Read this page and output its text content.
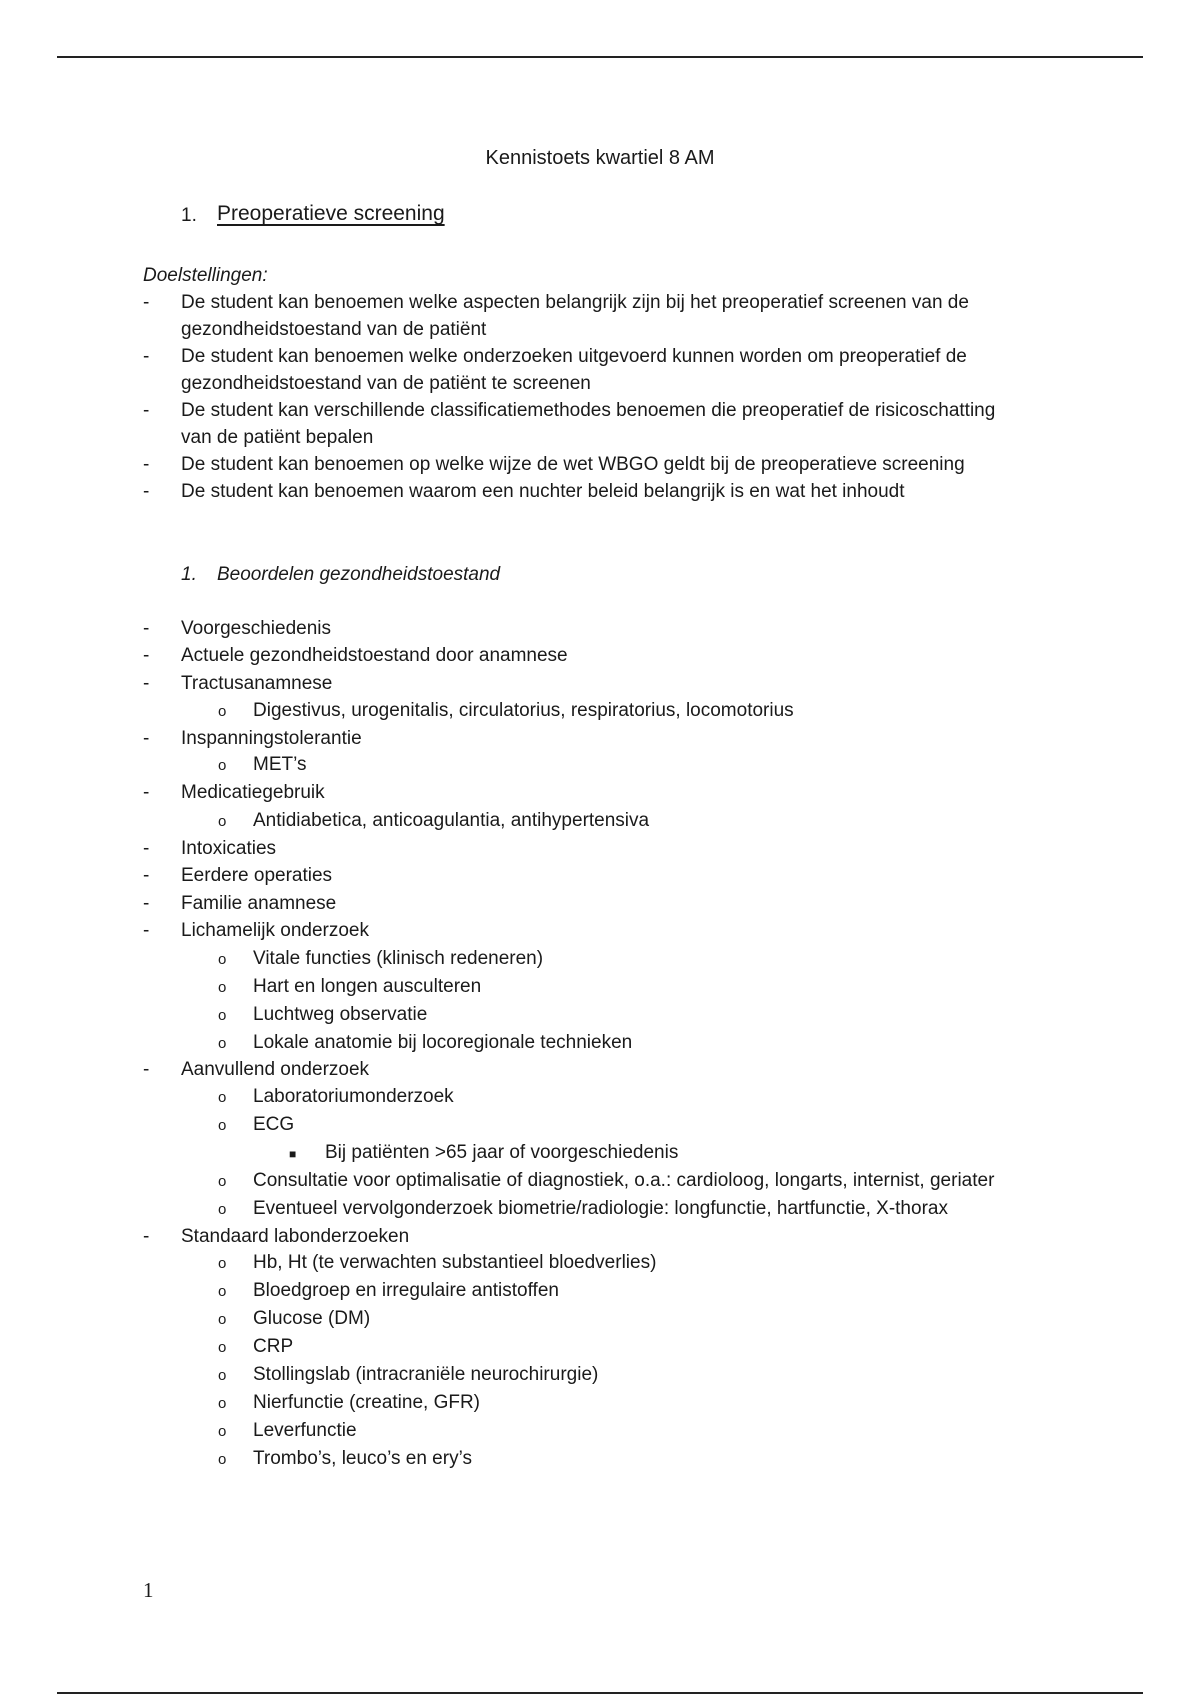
Kennistoets kwartiel 8 AM
1. Preoperatieve screening
Doelstellingen:
- De student kan benoemen welke aspecten belangrijk zijn bij het preoperatief screenen van de
gezondheidstoestand van de patiënt
- De student kan benoemen welke onderzoeken uitgevoerd kunnen worden om preoperatief de
gezondheidstoestand van de patiënt te screenen
- De student kan verschillende classificatiemethodes benoemen die preoperatief de risicoschatting
van de patiënt bepalen
- De student kan benoemen op welke wijze de wet WBGO geldt bij de preoperatieve screening
- De student kan benoemen waarom een nuchter beleid belangrijk is en wat het inhoudt
1. Beoordelen gezondheidstoestand
- Voorgeschiedenis
- Actuele gezondheidstoestand door anamnese
- Tractusanamnese
o Digestivus, urogenitalis, circulatorius, respiratorius, locomotorius
- Inspanningstolerantie
o MET’s
- Medicatiegebruik
o Antidiabetica, anticoagulantia, antihypertensiva
- Intoxicaties
- Eerdere operaties
- Familie anamnese
- Lichamelijk onderzoek
o Vitale functies (klinisch redeneren)
o Hart en longen ausculteren
o Luchtweg observatie
o Lokale anatomie bij locoregionale technieken
- Aanvullend onderzoek
o Laboratoriumonderzoek
o ECG
■ Bij patiënten >65 jaar of voorgeschiedenis
o Consultatie voor optimalisatie of diagnostiek, o.a.: cardioloog, longarts, internist, geriater
o Eventueel vervolgonderzoek biometrie/radiologie: longfunctie, hartfunctie, X-thorax
- Standaard labonderzoeken
o Hb, Ht (te verwachten substantieel bloedverlies)
o Bloedgroep en irregulaire antistoffen
o Glucose (DM)
o CRP
o Stollingslab (intracraniële neurochirurgie)
o Nierfunctie (creatine, GFR)
o Leverfunctie
o Trombo’s, leuco’s en ery’s
1
